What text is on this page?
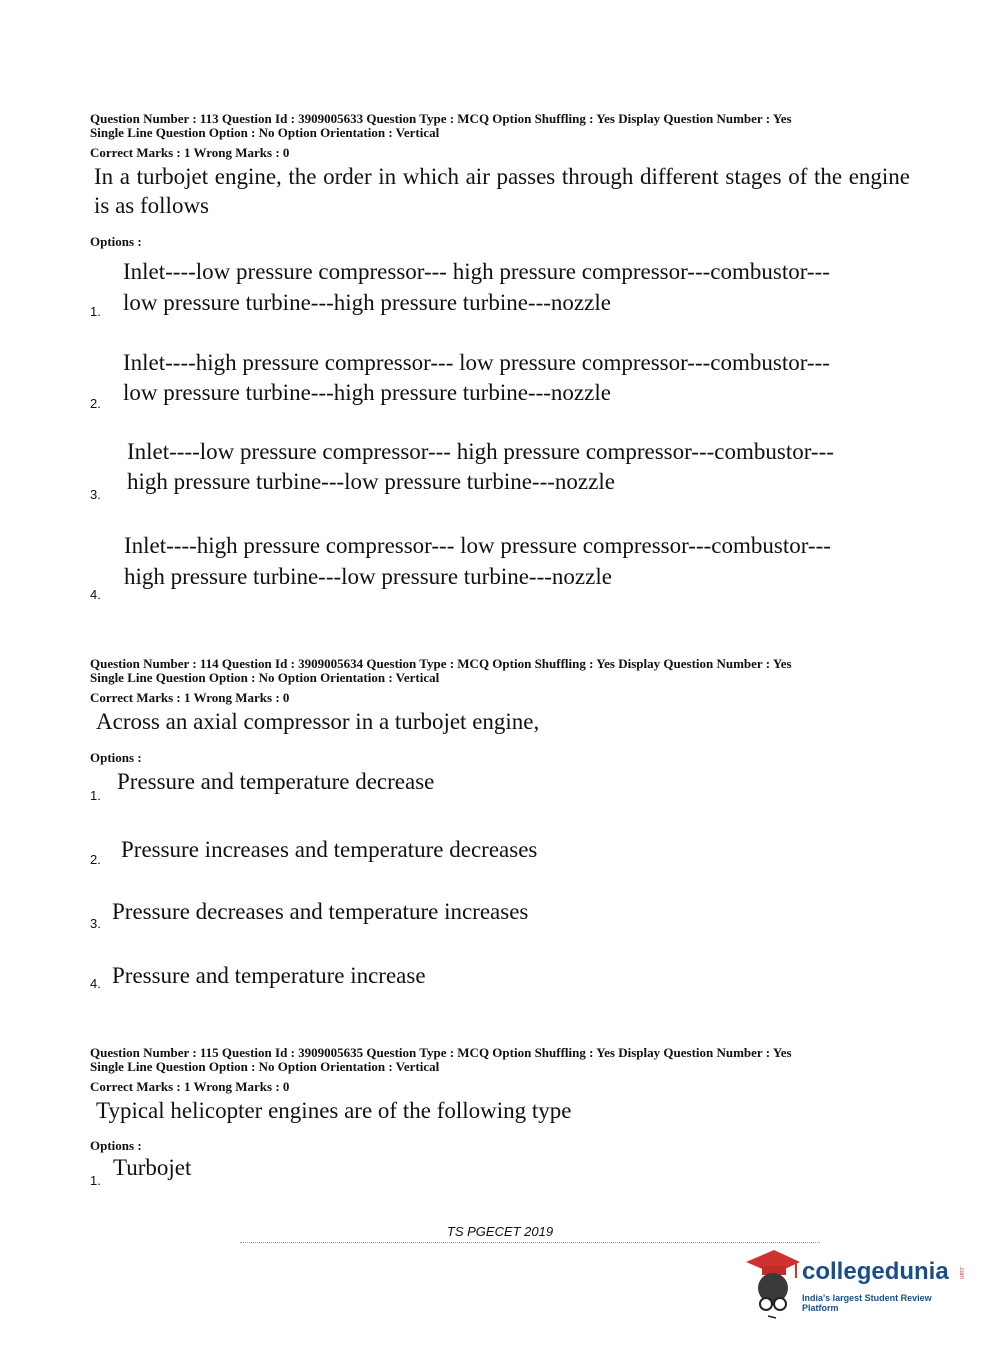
Question Number : 113 Question Id : 3909005633 Question Type : MCQ Option Shuffling : Yes Display Question Number : Yes
Single Line Question Option : No Option Orientation : Vertical
Correct Marks : 1 Wrong Marks : 0
In a turbojet engine, the order in which air passes through different stages of the engine is as follows
Options :
1.
Inlet----low pressure compressor--- high pressure compressor---combustor---
low pressure turbine---high pressure turbine---nozzle
2.
Inlet----high pressure compressor--- low pressure compressor---combustor---
low pressure turbine---high pressure turbine---nozzle
3.
Inlet----low pressure compressor--- high pressure compressor---combustor---
high pressure turbine---low pressure turbine---nozzle
4.
Inlet----high pressure compressor--- low pressure compressor---combustor---
high pressure turbine---low pressure turbine---nozzle
Question Number : 114 Question Id : 3909005634 Question Type : MCQ Option Shuffling : Yes Display Question Number : Yes
Single Line Question Option : No Option Orientation : Vertical
Correct Marks : 1 Wrong Marks : 0
Across an axial compressor in a turbojet engine,
Options :
1.
Pressure and temperature decrease
2. Pressure increases and temperature decreases
3. Pressure decreases and temperature increases
4. Pressure and temperature increase
Question Number : 115 Question Id : 3909005635 Question Type : MCQ Option Shuffling : Yes Display Question Number : Yes
Single Line Question Option : No Option Orientation : Vertical
Correct Marks : 1 Wrong Marks : 0
Typical helicopter engines are of the following type
Options :
1.
Turbojet
TS PGECET 2019
collegedunia .com
India's largest Student Review Platform
